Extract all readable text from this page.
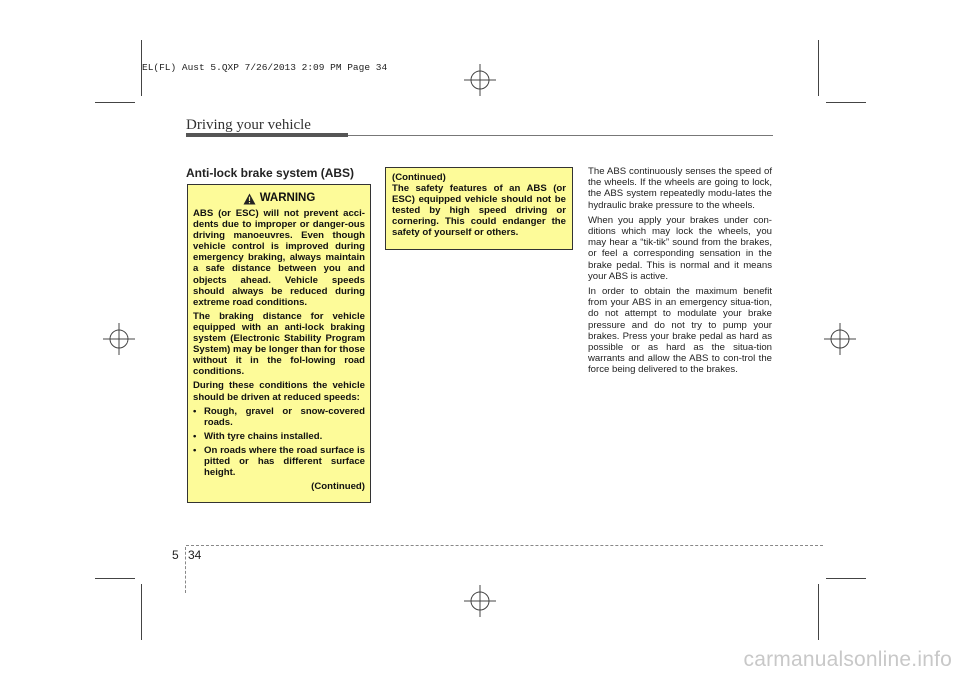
EL(FL) Aust 5.QXP 7/26/2013 2:09 PM Page 34
Driving your vehicle
Anti-lock brake system (ABS)
WARNING

ABS (or ESC) will not prevent acci-dents due to improper or danger-ous driving manoeuvres. Even though vehicle control is improved during emergency braking, always maintain a safe distance between you and objects ahead. Vehicle speeds should always be reduced during extreme road conditions.

The braking distance for vehicle equipped with an anti-lock braking system (Electronic Stability Program System) may be longer than for those without it in the fol-lowing road conditions.

During these conditions the vehicle should be driven at reduced speeds:

• Rough, gravel or snow-covered roads.
• With tyre chains installed.
• On roads where the road surface is pitted or has different surface height.
(Continued)

(Continued)

The safety features of an ABS (or ESC) equipped vehicle should not be tested by high speed driving or cornering. This could endanger the safety of yourself or others.

The ABS continuously senses the speed of the wheels. If the wheels are going to lock, the ABS system repeatedly modu-lates the hydraulic brake pressure to the wheels.

When you apply your brakes under con-ditions which may lock the wheels, you may hear a “tik-tik” sound from the brakes, or feel a corresponding sensation in the brake pedal. This is normal and it means your ABS is active.

In order to obtain the maximum benefit from your ABS in an emergency situa-tion, do not attempt to modulate your brake pressure and do not try to pump your brakes. Press your brake pedal as hard as possible or as hard as the situa-tion warrants and allow the ABS to con-trol the force being delivered to the brakes.

5 34
carmanualsonline.info
